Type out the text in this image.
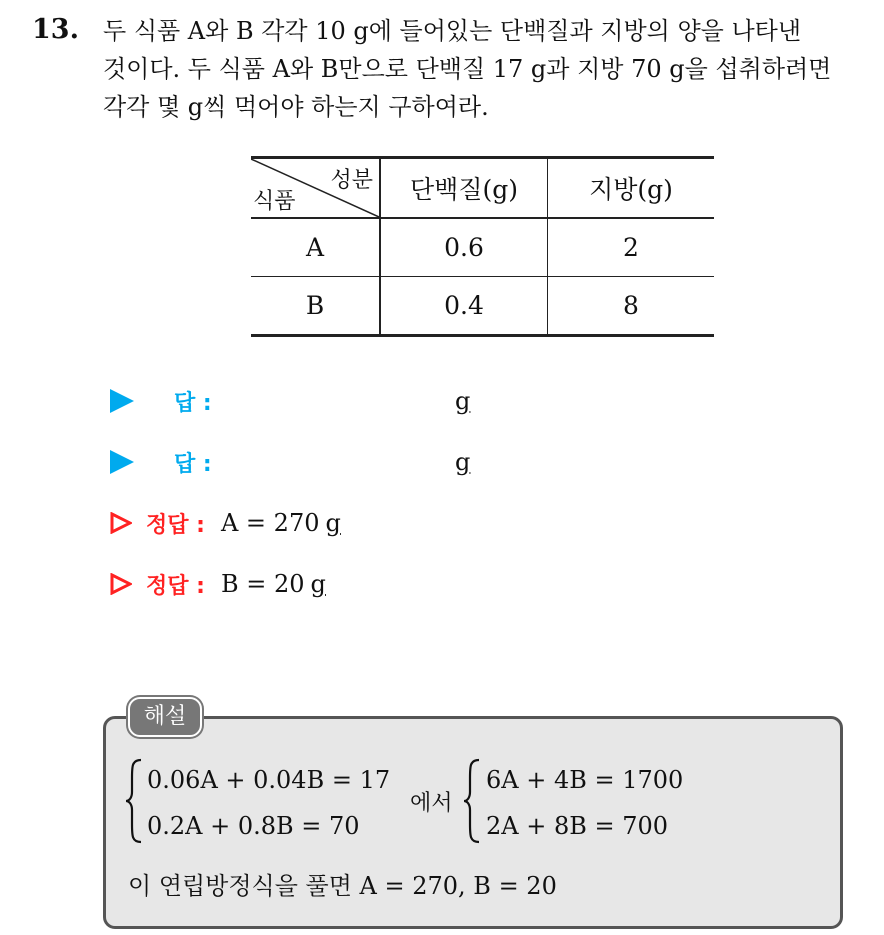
13. 두 식품 A와 B 각각 10 g에 들어있는 단백질과 지방의 양을 나타낸
것이다. 두 식품 A와 B만으로 단백질 17 g과 지방 70 g을 섭취하려면
각각 몇 g씩 먹어야 하는지 구하여라.
성분
식품	단백질(g)	지방(g)
A	0.6	2
B	0.4	8
답 :	g
답 :	g
정답 : A = 270 g
정답 : B = 20 g
해설
0.06A + 0.04B = 17
0.2A + 0.8B = 70
에서
6A + 4B = 1700
2A + 8B = 700
이 연립방정식을 풀면 A = 270, B = 20
